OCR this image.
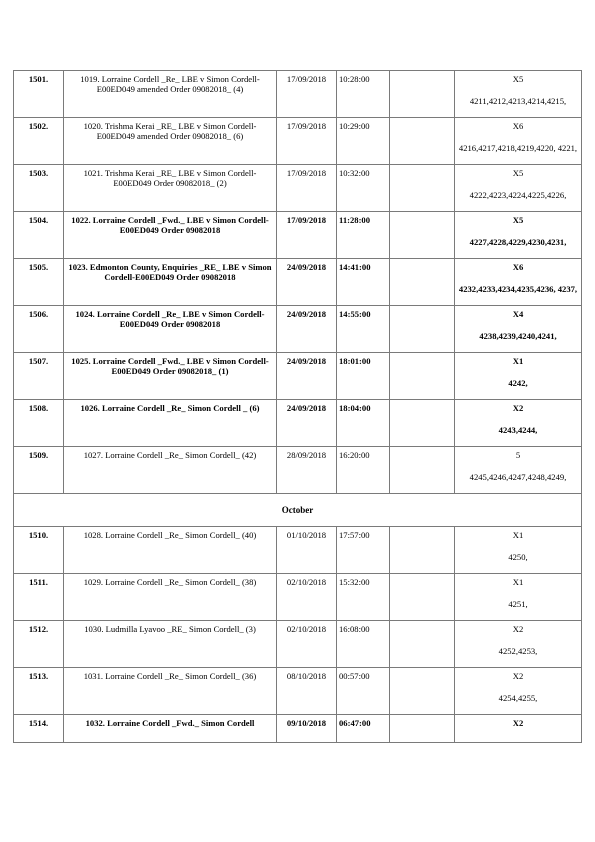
1501.	1019. Lorraine Cordell _Re_ LBE v Simon Cordell-E00ED049 amended Order 09082018_ (4)	17/09/2018	10:28:00		X5
4211,4212,4213,4214,4215,

1502.	1020. Trishma Kerai _RE_ LBE v Simon Cordell-E00ED049 amended Order 09082018_ (6)	17/09/2018	10:29:00		X6
4216,4217,4218,4219,4220, 4221,

1503.	1021. Trishma Kerai _RE_ LBE v Simon Cordell-E00ED049 Order 09082018_ (2)	17/09/2018	10:32:00		X5
4222,4223,4224,4225,4226,

1504.	1022. Lorraine Cordell _Fwd._ LBE v Simon Cordell-E00ED049 Order 09082018	17/09/2018	11:28:00		X5
4227,4228,4229,4230,4231,

1505.	1023. Edmonton County, Enquiries _RE_ LBE v Simon Cordell-E00ED049 Order 09082018	24/09/2018	14:41:00		X6
4232,4233,4234,4235,4236, 4237,

1506.	1024. Lorraine Cordell _Re_ LBE v Simon Cordell-E00ED049 Order 09082018	24/09/2018	14:55:00		X4
4238,4239,4240,4241,

1507.	1025. Lorraine Cordell _Fwd._ LBE v Simon Cordell-E00ED049 Order 09082018_ (1)	24/09/2018	18:01:00		X1
4242,

1508.	1026. Lorraine Cordell _Re_ Simon Cordell _ (6)	24/09/2018	18:04:00		X2
4243,4244,

1509.	1027. Lorraine Cordell _Re_ Simon Cordell_ (42)	28/09/2018	16:20:00		5
4245,4246,4247,4248,4249,

October					
1510.	1028. Lorraine Cordell _Re_ Simon Cordell_ (40)	01/10/2018	17:57:00		X1
4250,

1511.	1029. Lorraine Cordell _Re_ Simon Cordell_ (38)	02/10/2018	15:32:00		X1
4251,

1512.	1030. Ludmilla Lyavoo _RE_ Simon Cordell_ (3)	02/10/2018	16:08:00		X2
4252,4253,

1513.	1031. Lorraine Cordell _Re_ Simon Cordell_ (36)	08/10/2018	00:57:00		X2
4254,4255,

1514.	1032. Lorraine Cordell _Fwd._ Simon Cordell	09/10/2018	06:47:00		X2
